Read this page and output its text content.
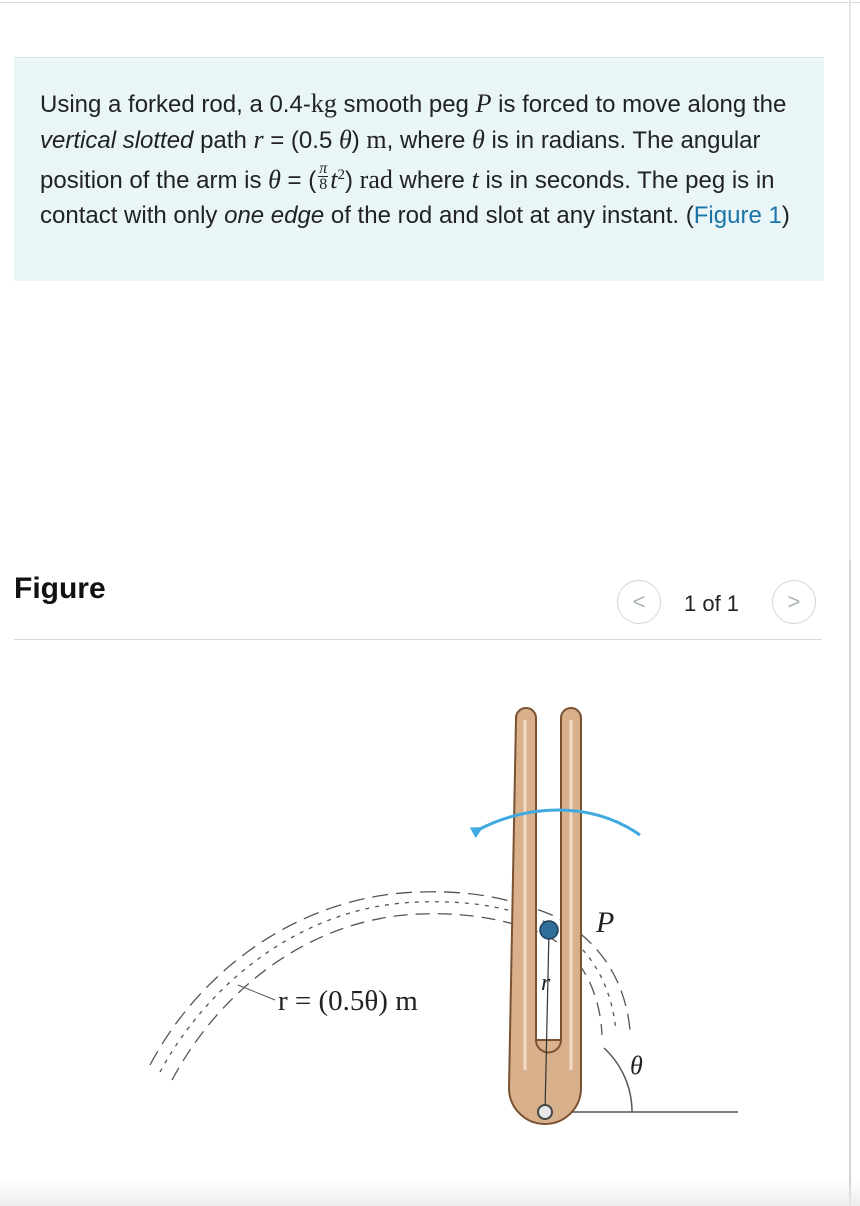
Using a forked rod, a 0.4-kg smooth peg P is forced to move along the vertical slotted path r = (0.5 θ) m, where θ is in radians. The angular position of the arm is θ = ( $\frac{\pi}{8} t^2$) rad where t is in seconds. The peg is in contact with only one edge of the rod and slot at any instant. (Figure 1)
Figure	< 1 of 1 >
r = (0.5θ) m
P
r
θ
